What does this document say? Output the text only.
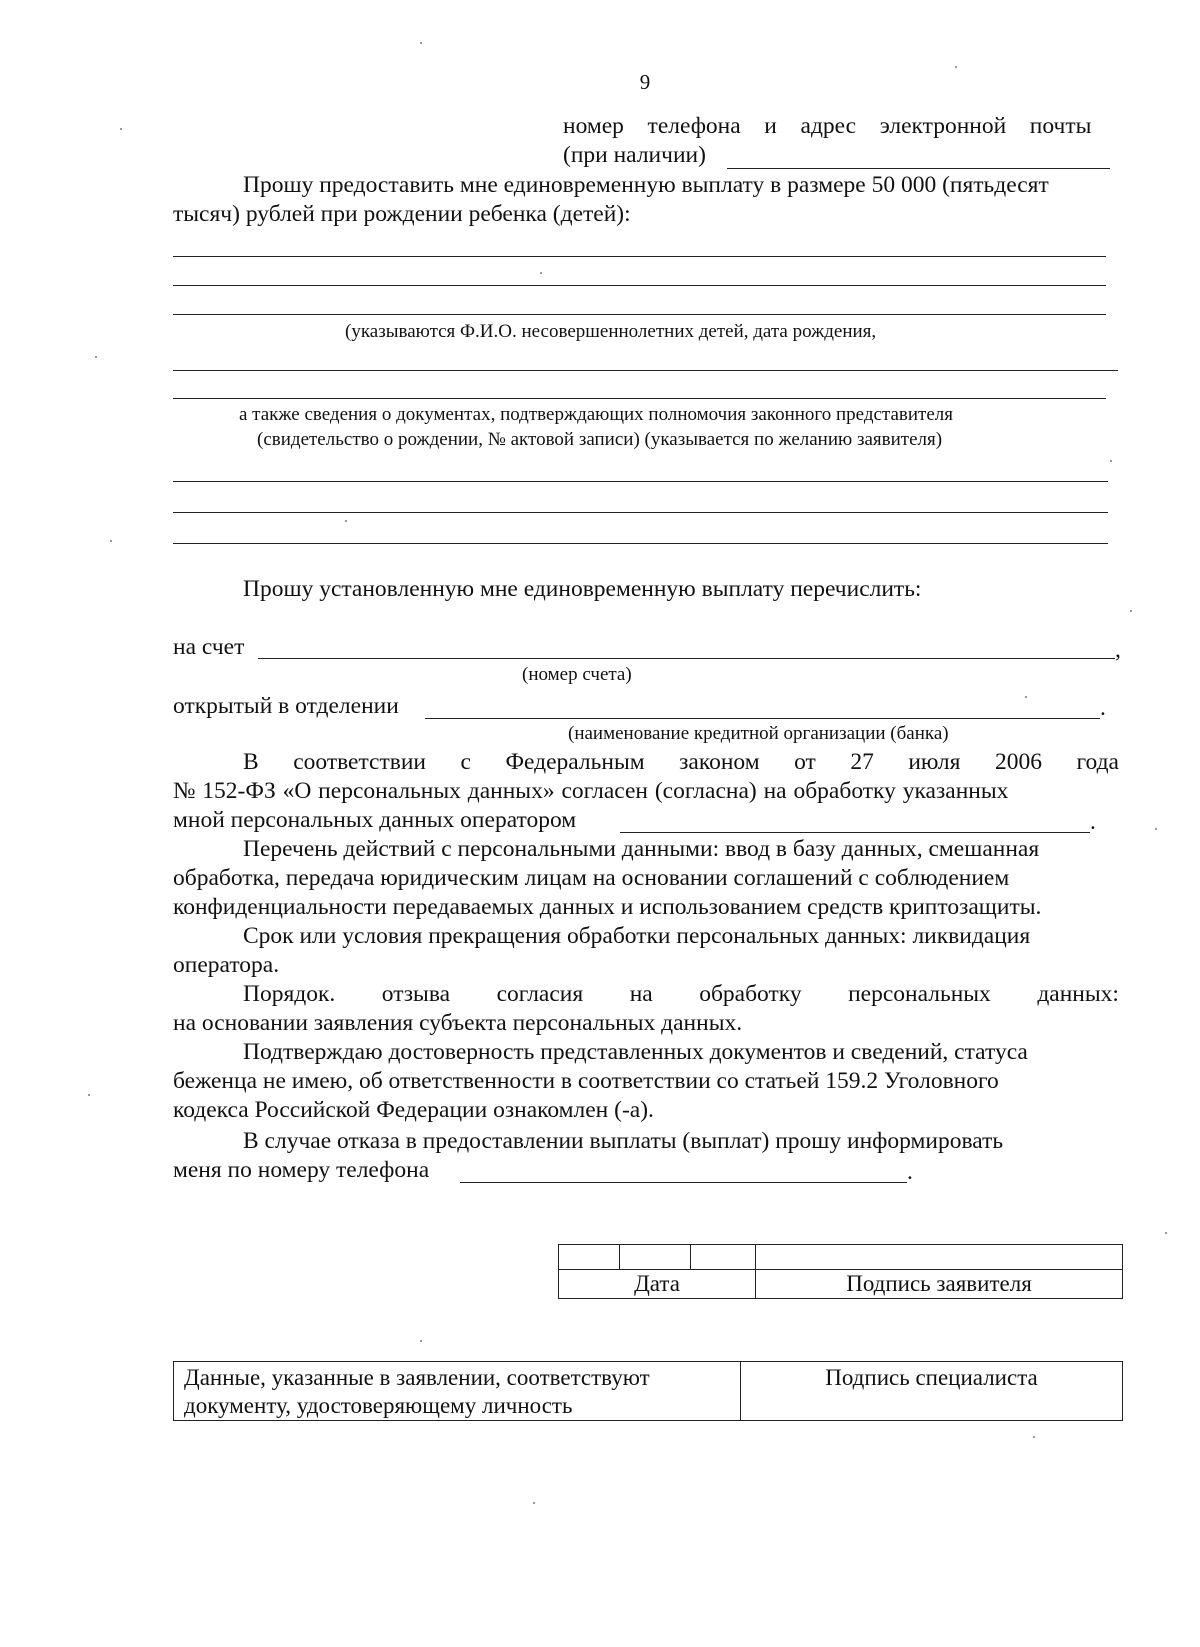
9
номер   телефона   и   адрес   электронной   почты
(при наличии)
Прошу предоставить мне единовременную выплату в размере 50 000 (пятьдесят
тысяч) рублей при рождении ребенка (детей):
(указываются Ф.И.О. несовершеннолетних детей, дата рождения,
а также сведения о документах, подтверждающих полномочия законного представителя
(свидетельство о рождении, № актовой записи) (указывается по желанию заявителя)
Прошу установленную мне единовременную выплату перечислить:
на счет	,
(номер счета)
открытый в отделении	.
(наименование кредитной организации (банка)
В соответствии с Федеральным законом от 27 июля 2006 года
№ 152-ФЗ «О персональных данных» согласен (согласна) на обработку указанных
мной персональных данных оператором	.
Перечень действий с персональными данными: ввод в базу данных, смешанная
обработка, передача юридическим лицам на основании соглашений с соблюдением
конфиденциальности передаваемых данных и использованием средств криптозащиты.
Срок или условия прекращения обработки персональных данных: ликвидация
оператора.
Порядок. отзыва согласия на обработку персональных данных:
на основании заявления субъекта персональных данных.
Подтверждаю достоверность представленных документов и сведений, статуса
беженца не имею, об ответственности в соответствии со статьей 159.2 Уголовного
кодекса Российской Федерации ознакомлен (-а).
В случае отказа в предоставлении выплаты (выплат) прошу информировать
меня по номеру телефона	.

Дата			Подпись заявителя
Данные, указанные в заявлении, соответствуют
документу, удостоверяющему личность
	Подпись специалиста
